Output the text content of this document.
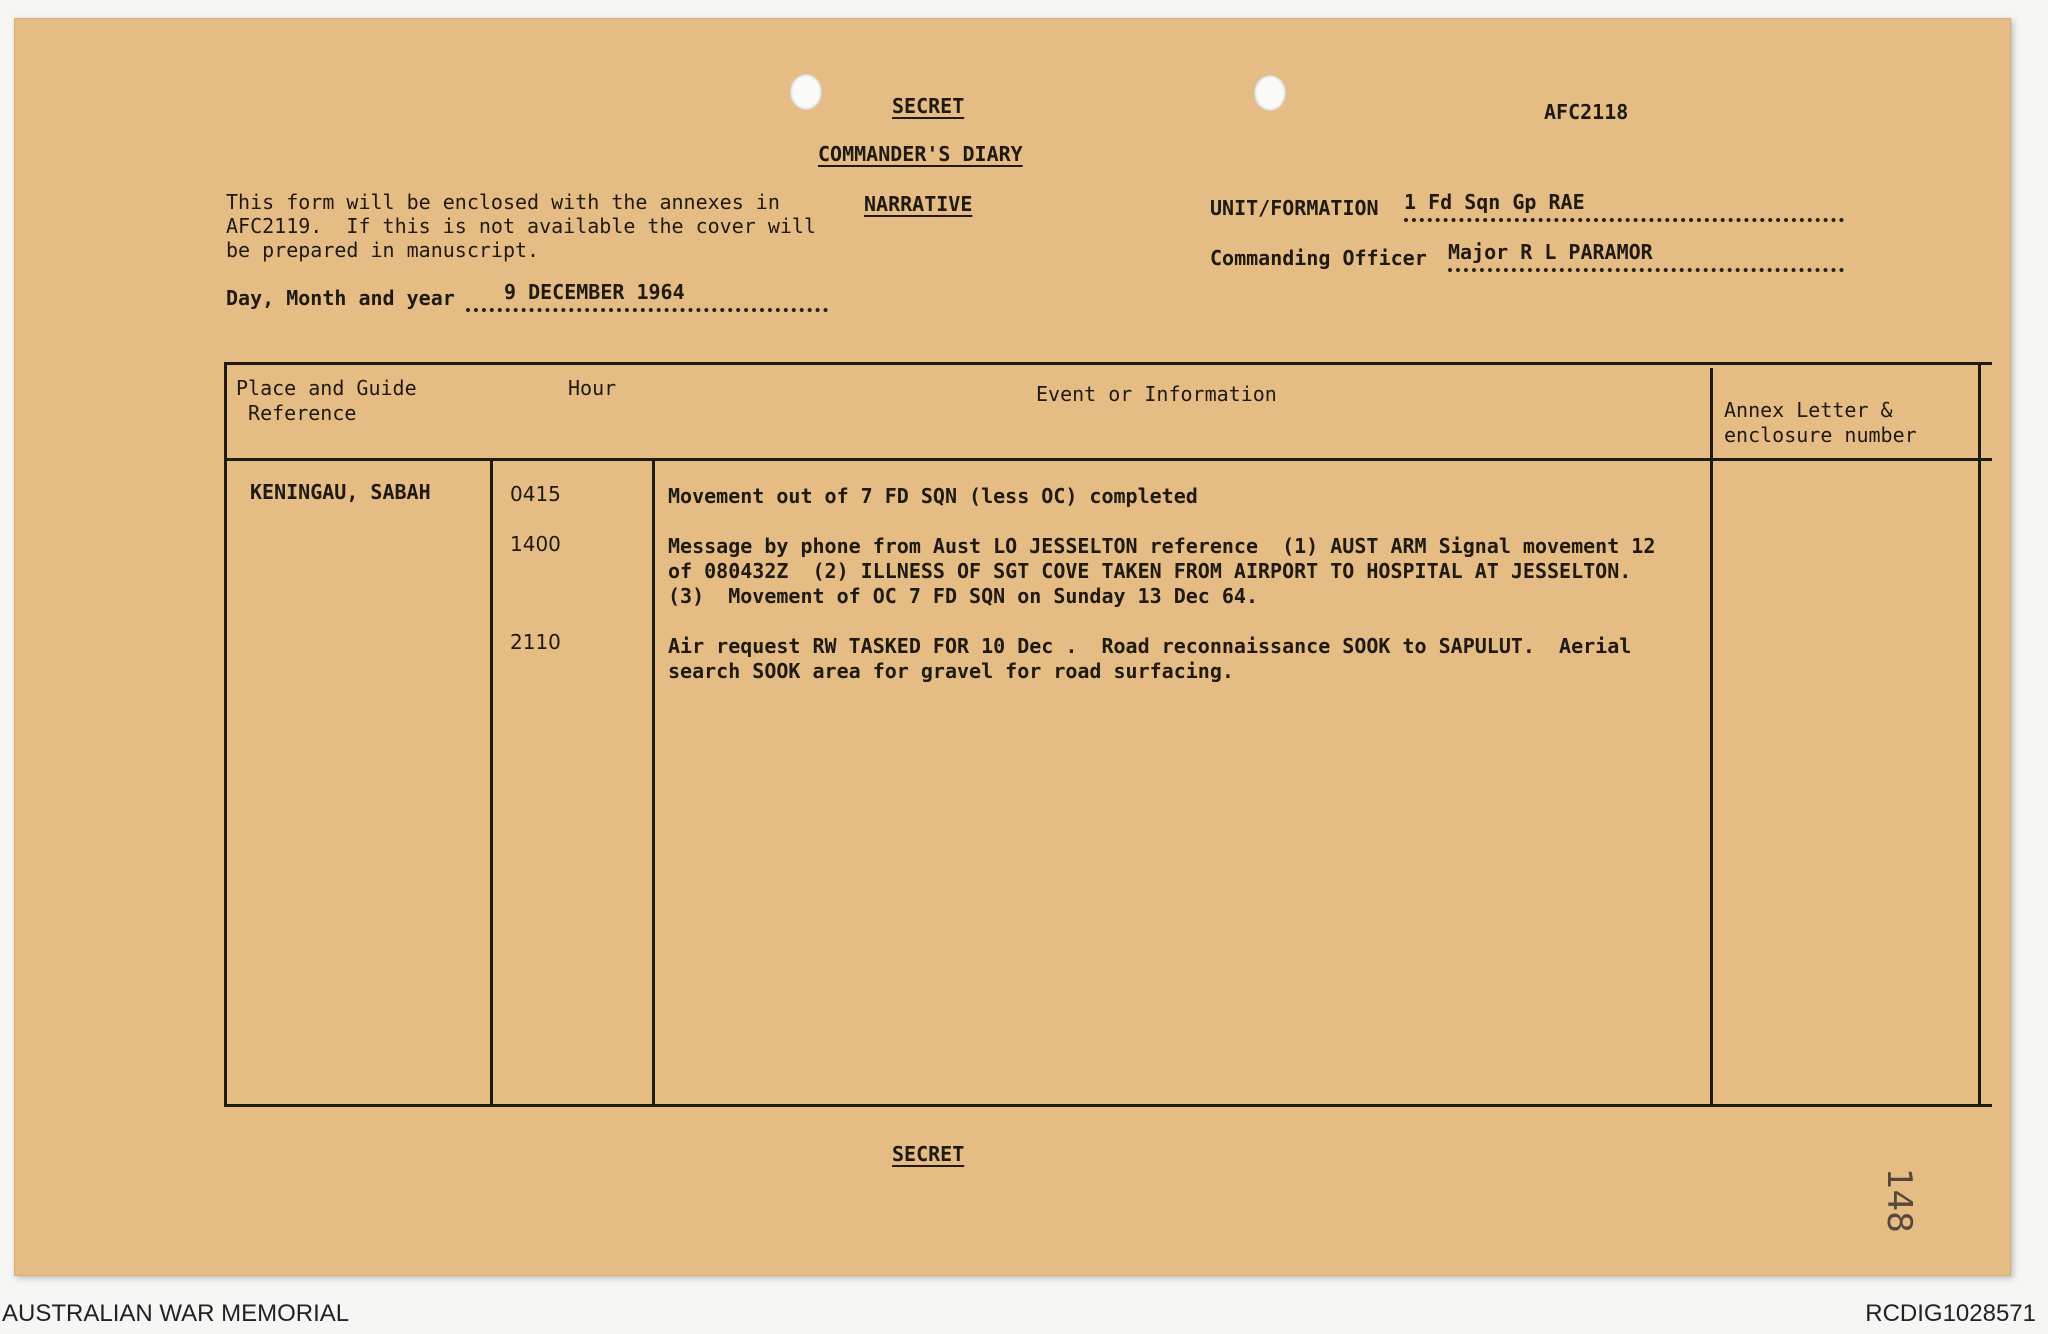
SECRET	AFC2118
COMMANDER'S DIARY
This form will be enclosed with the annexes in
AFC2119.  If this is not available the cover will
be prepared in manuscript.
NARRATIVE	UNIT/FORMATION 1 Fd Sqn Gp RAE
Commanding Officer Major R L PARAMOR
Day, Month and year 9 DECEMBER 1964
Place and Guide
Reference
Hour	Event or Information
Annex Letter &
enclosure number
KENINGAU, SABAH	0415	Movement out of 7 FD SQN (less OC) completed
1400	Message by phone from Aust LO JESSELTON reference  (1) AUST ARM Signal movement 12
of 080432Z  (2) ILLNESS OF SGT COVE TAKEN FROM AIRPORT TO HOSPITAL AT JESSELTON.
(3)  Movement of OC 7 FD SQN on Sunday 13 Dec 64.
2110	Air request RW TASKED FOR 10 Dec .  Road reconnaissance SOOK to SAPULUT.  Aerial
search SOOK area for gravel for road surfacing.
SECRET
148
AUSTRALIAN WAR MEMORIAL	RCDIG1028571
